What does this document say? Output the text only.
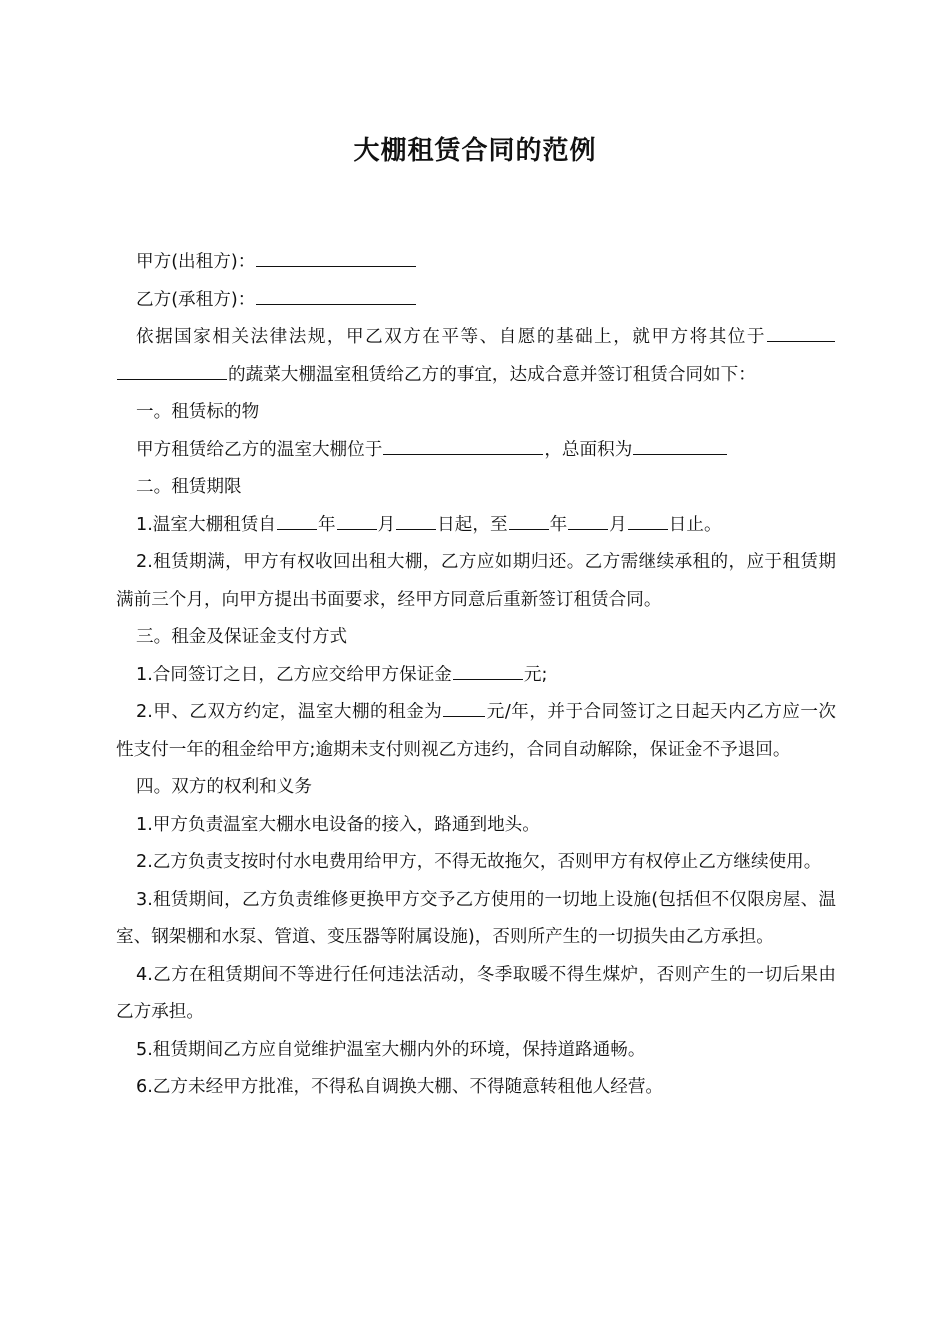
大棚租赁合同的范例

甲方(出租方)：

乙方(承租方)：

依据国家相关法律法规，甲乙双方在平等、自愿的基础上，就甲方将其位于的蔬菜大棚温室租赁给乙方的事宜，达成合意并签订租赁合同如下：

一。租赁标的物

甲方租赁给乙方的温室大棚位于	，总面积为

二。租赁期限

1.温室大棚租赁自 年 月 日起，至 年 月 日止。

2.租赁期满，甲方有权收回出租大棚，乙方应如期归还。乙方需继续承租的，应于租赁期满前三个月，向甲方提出书面要求，经甲方同意后重新签订租赁合同。

三。租金及保证金支付方式

1.合同签订之日，乙方应交给甲方保证金	元;

2.甲、乙双方约定，温室大棚的租金为	元/年，并于合同签订之日起天内乙方应一次性支付一年的租金给甲方;逾期未支付则视乙方违约，合同自动解除，保证金不予退回。

四。双方的权利和义务

1.甲方负责温室大棚水电设备的接入，路通到地头。

2.乙方负责支按时付水电费用给甲方，不得无故拖欠，否则甲方有权停止乙方继续使用。

3.租赁期间，乙方负责维修更换甲方交予乙方使用的一切地上设施(包括但不仅限房屋、温室、钢架棚和水泵、管道、变压器等附属设施)，否则所产生的一切损失由乙方承担。

4.乙方在租赁期间不等进行任何违法活动，冬季取暖不得生煤炉，否则产生的一切后果由乙方承担。

5.租赁期间乙方应自觉维护温室大棚内外的环境，保持道路通畅。

6.乙方未经甲方批准，不得私自调换大棚、不得随意转租他人经营。
